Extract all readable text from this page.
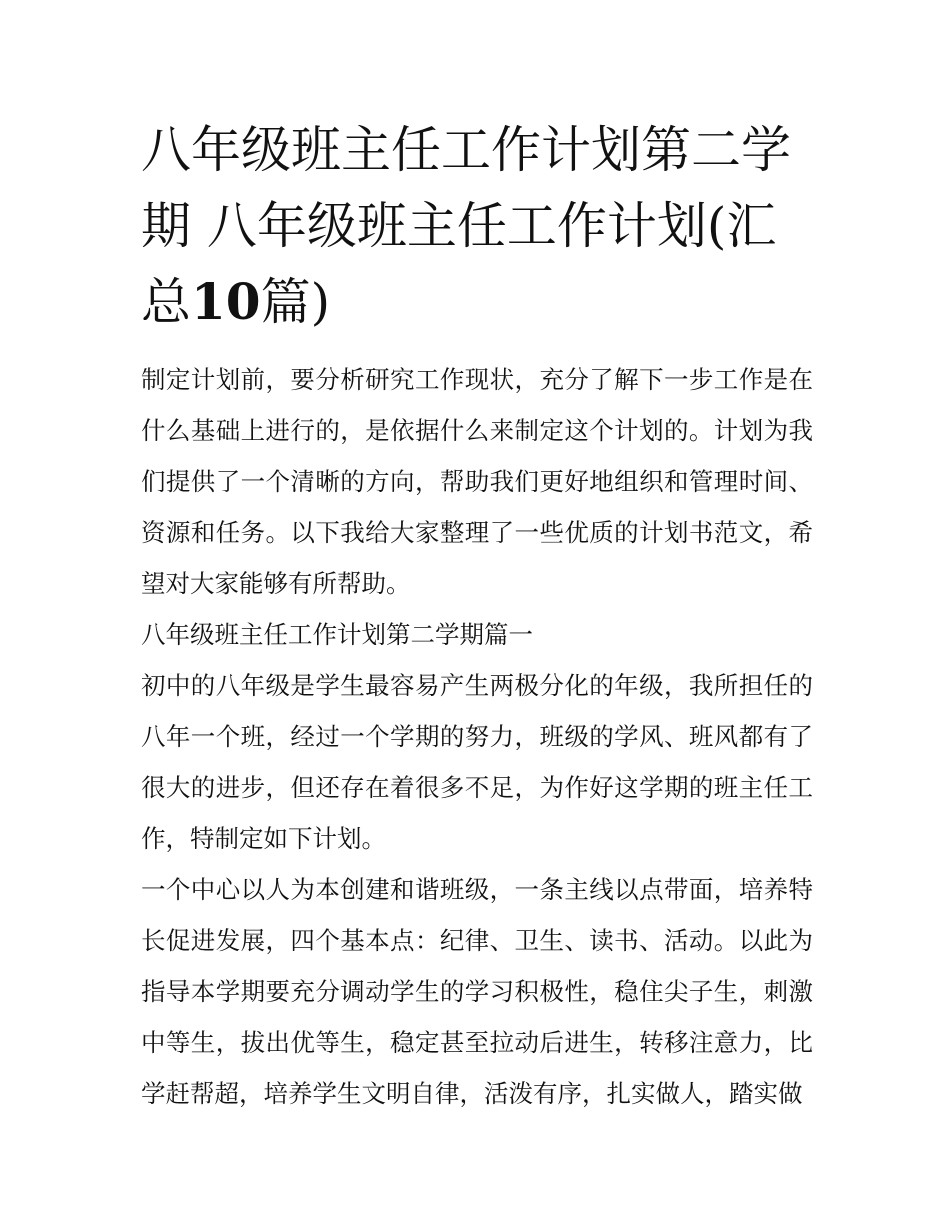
八年级班主任工作计划第二学期 八年级班主任工作计划(汇总10篇)

制定计划前，要分析研究工作现状，充分了解下一步工作是在什么基础上进行的，是依据什么来制定这个计划的。计划为我们提供了一个清晰的方向，帮助我们更好地组织和管理时间、资源和任务。以下我给大家整理了一些优质的计划书范文，希望对大家能够有所帮助。

八年级班主任工作计划第二学期篇一

初中的八年级是学生最容易产生两极分化的年级，我所担任的八年一个班，经过一个学期的努力，班级的学风、班风都有了很大的进步，但还存在着很多不足，为作好这学期的班主任工作，特制定如下计划。

一个中心以人为本创建和谐班级，一条主线以点带面，培养特长促进发展，四个基本点：纪律、卫生、读书、活动。以此为指导本学期要充分调动学生的学习积极性，稳住尖子生，刺激中等生，拔出优等生，稳定甚至拉动后进生，转移注意力，比学赶帮超，培养学生文明自律，活泼有序，扎实做人，踏实做
